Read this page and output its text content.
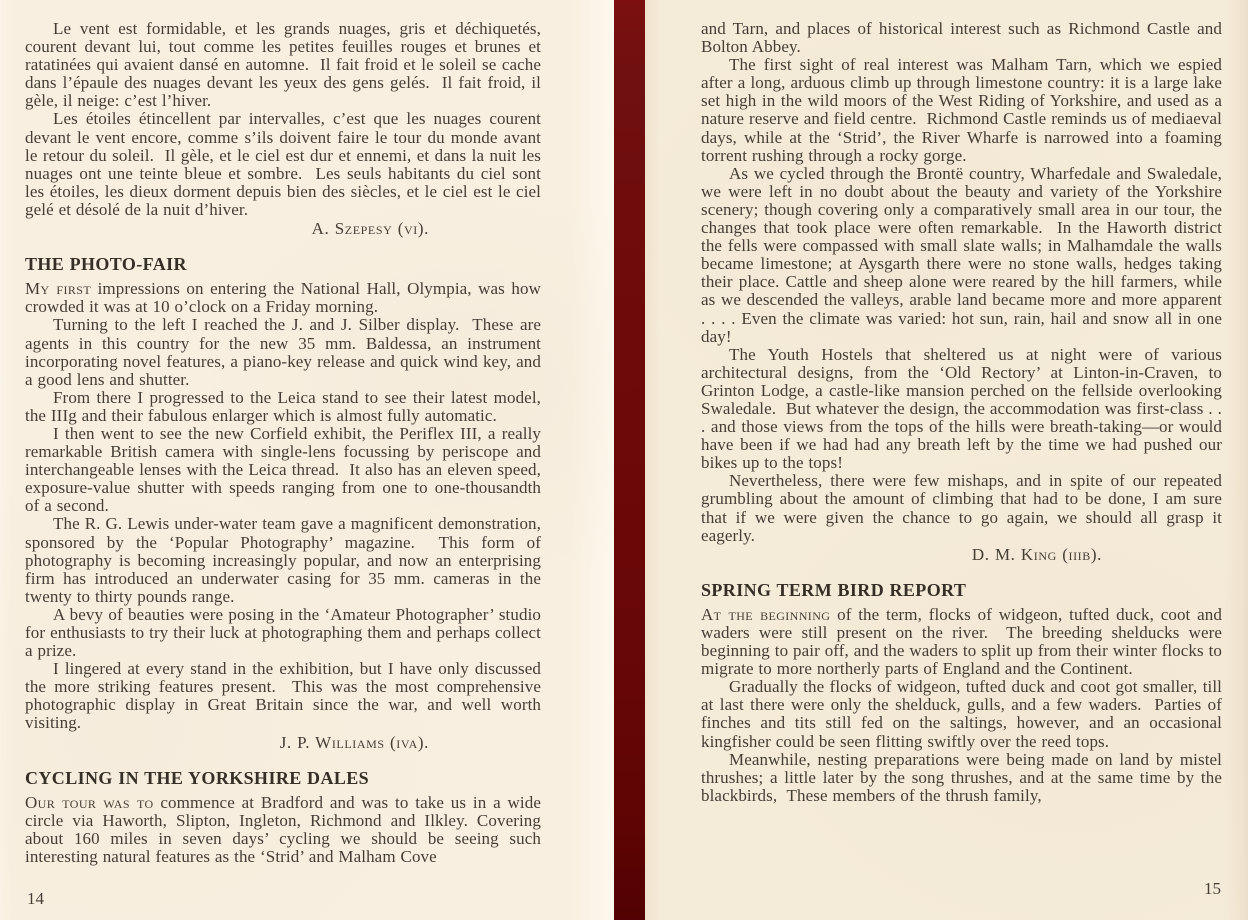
Le vent est formidable, et les grands nuages, gris et déchiquetés, courent devant lui, tout comme les petites feuilles rouges et brunes et ratatinées qui avaient dansé en automne.  Il fait froid et le soleil se cache dans l’épaule des nuages devant les yeux des gens gelés.  Il fait froid, il gèle, il neige: c’est l’hiver.

Les étoiles étincellent par intervalles, c’est que les nuages courent devant le vent encore, comme s’ils doivent faire le tour du monde avant le retour du soleil.  Il gèle, et le ciel est dur et ennemi, et dans la nuit les nuages ont une teinte bleue et sombre.  Les seuls habitants du ciel sont les étoiles, les dieux dorment depuis bien des siècles, et le ciel est le ciel gelé et désolé de la nuit d’hiver.

A. Szepesy (vi).

THE PHOTO-FAIR

My first impressions on entering the National Hall, Olympia, was how crowded it was at 10 o’clock on a Friday morning.

Turning to the left I reached the J. and J. Silber display.  These are agents in this country for the new 35 mm. Baldessa, an instrument incorporating novel features, a piano-key release and quick wind key, and a good lens and shutter.

From there I progressed to the Leica stand to see their latest model, the IIIg and their fabulous enlarger which is almost fully automatic.

I then went to see the new Corfield exhibit, the Periflex III, a really remarkable British camera with single-lens focussing by periscope and interchangeable lenses with the Leica thread.  It also has an eleven speed, exposure-value shutter with speeds ranging from one to one-thousandth of a second.

The R. G. Lewis under-water team gave a magnificent demonstration, sponsored by the ‘Popular Photography’ magazine.  This form of photography is becoming increasingly popular, and now an enterprising firm has introduced an underwater casing for 35 mm. cameras in the twenty to thirty pounds range.

A bevy of beauties were posing in the ‘Amateur Photographer’ studio for enthusiasts to try their luck at photographing them and perhaps collect a prize.

I lingered at every stand in the exhibition, but I have only discussed the more striking features present.  This was the most comprehensive photographic display in Great Britain since the war, and well worth visiting.

J. P. Williams (iva).

CYCLING IN THE YORKSHIRE DALES

Our tour was to commence at Bradford and was to take us in a wide circle via Haworth, Slipton, Ingleton, Richmond and Ilkley. Covering about 160 miles in seven days’ cycling we should be seeing such interesting natural features as the ‘Strid’ and Malham Cove

14

and Tarn, and places of historical interest such as Richmond Castle and Bolton Abbey.

The first sight of real interest was Malham Tarn, which we espied after a long, arduous climb up through limestone country: it is a large lake set high in the wild moors of the West Riding of Yorkshire, and used as a nature reserve and field centre.  Richmond Castle reminds us of mediaeval days, while at the ‘Strid’, the River Wharfe is narrowed into a foaming torrent rushing through a rocky gorge.

As we cycled through the Brontë country, Wharfedale and Swaledale, we were left in no doubt about the beauty and variety of the Yorkshire scenery; though covering only a comparatively small area in our tour, the changes that took place were often remarkable.  In the Haworth district the fells were compassed with small slate walls; in Malhamdale the walls became limestone; at Aysgarth there were no stone walls, hedges taking their place. Cattle and sheep alone were reared by the hill farmers, while as we descended the valleys, arable land became more and more apparent . . . . Even the climate was varied: hot sun, rain, hail and snow all in one day!

The Youth Hostels that sheltered us at night were of various architectural designs, from the ‘Old Rectory’ at Linton-in-Craven, to Grinton Lodge, a castle-like mansion perched on the fellside overlooking Swaledale.  But whatever the design, the accommodation was first-class . . . and those views from the tops of the hills were breath-taking—or would have been if we had had any breath left by the time we had pushed our bikes up to the tops!

Nevertheless, there were few mishaps, and in spite of our repeated grumbling about the amount of climbing that had to be done, I am sure that if we were given the chance to go again, we should all grasp it eagerly.

D. M. King (iiib).

SPRING TERM BIRD REPORT

At the beginning of the term, flocks of widgeon, tufted duck, coot and waders were still present on the river.  The breeding shelducks were beginning to pair off, and the waders to split up from their winter flocks to migrate to more northerly parts of England and the Continent.

Gradually the flocks of widgeon, tufted duck and coot got smaller, till at last there were only the shelduck, gulls, and a few waders.  Parties of finches and tits still fed on the saltings, however, and an occasional kingfisher could be seen flitting swiftly over the reed tops.

Meanwhile, nesting preparations were being made on land by mistel thrushes; a little later by the song thrushes, and at the same time by the blackbirds,  These members of the thrush family,

15
